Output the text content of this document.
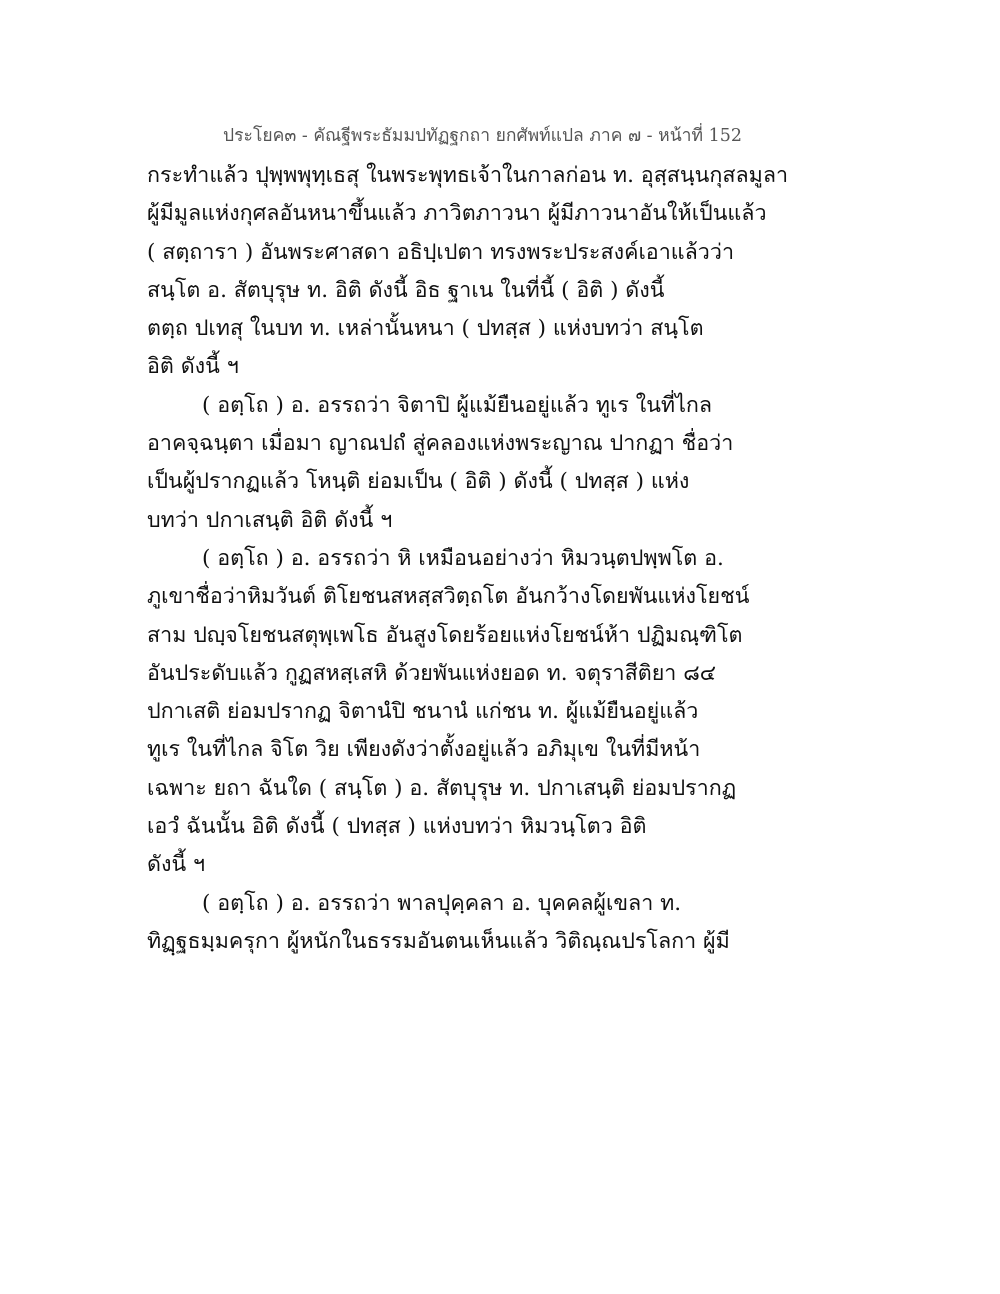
ประโยค๓ - คัณฐีพระธัมมปทัฏฐกถา ยกศัพท์แปล ภาค ๗ - หน้าที่ 152
กระทำแล้ว ปุพฺพพุทฺเธสุ ในพระพุทธเจ้าในกาลก่อน ท. อุสฺสนฺนกุสลมูลา
ผู้มีมูลแห่งกุศลอันหนาขึ้นแล้ว ภาวิตภาวนา ผู้มีภาวนาอันให้เป็นแล้ว
( สตฺถารา ) อันพระศาสดา อธิปฺเปตา ทรงพระประสงค์เอาแล้วว่า
สนฺโต อ. สัตบุรุษ ท. อิติ ดังนี้ อิธ ฐาเน ในที่นี้ ( อิติ ) ดังนี้
ตตฺถ ปเทสุ ในบท ท. เหล่านั้นหนา ( ปทสฺส ) แห่งบทว่า สนฺโต
อิติ ดังนี้ ฯ
( อตฺโถ ) อ. อรรถว่า จิตาปิ ผู้แม้ยืนอยู่แล้ว ทูเร ในที่ไกล
อาคจฺฉนฺตา เมื่อมา ญาณปถํ สู่คลองแห่งพระญาณ ปากฏา ชื่อว่า
เป็นผู้ปรากฏแล้ว โหนฺติ ย่อมเป็น ( อิติ ) ดังนี้ ( ปทสฺส ) แห่ง
บทว่า ปกาเสนฺติ อิติ ดังนี้ ฯ
( อตฺโถ ) อ. อรรถว่า หิ เหมือนอย่างว่า หิมวนฺตปพฺพโต อ.
ภูเขาชื่อว่าหิมวันต์ ติโยชนสหสฺสวิตฺถโต อันกว้างโดยพันแห่งโยชน์
สาม ปญฺจโยชนสตุพฺเพโธ อันสูงโดยร้อยแห่งโยชน์ห้า ปฏิมณฺฑิโต
อันประดับแล้ว กูฏสหสฺเสหิ ด้วยพันแห่งยอด ท. จตุราสีติยา ๘๔
ปกาเสติ ย่อมปรากฏ จิตานํปิ ชนานํ แก่ชน ท. ผู้แม้ยืนอยู่แล้ว
ทูเร ในที่ไกล จิโต วิย เพียงดังว่าตั้งอยู่แล้ว อภิมุเข ในที่มีหน้า
เฉพาะ ยถา ฉันใด ( สนฺโต ) อ. สัตบุรุษ ท. ปกาเสนฺติ ย่อมปรากฏ
เอวํ ฉันนั้น อิติ ดังนี้ ( ปทสฺส ) แห่งบทว่า หิมวนฺโตว อิติ
ดังนี้ ฯ
( อตฺโถ ) อ. อรรถว่า พาลปุคฺคลา อ. บุคคลผู้เขลา ท.
ทิฏฺฐธมฺมครุกา ผู้หนักในธรรมอันตนเห็นแล้ว วิติณฺณปรโลกา ผู้มี
